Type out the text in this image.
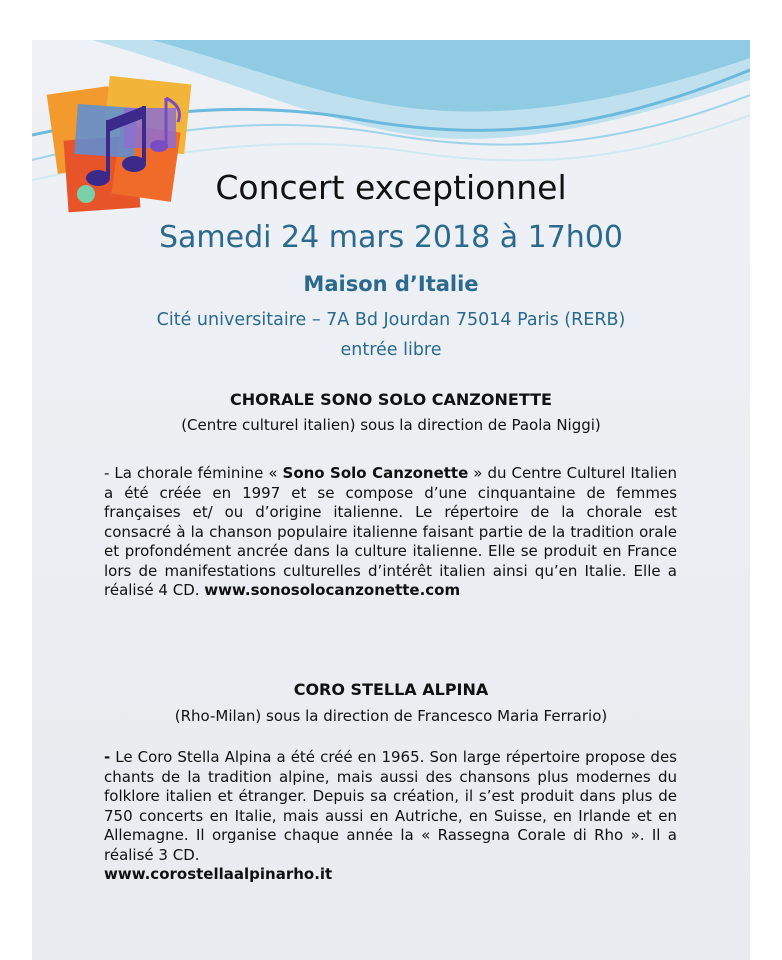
Concert exceptionnel
Samedi 24 mars 2018 à 17h00
Maison d’Italie
Cité universitaire – 7A Bd Jourdan 75014 Paris (RERB)
entrée libre
CHORALE SONO SOLO CANZONETTE
(Centre culturel italien) sous la direction de Paola Niggi)
- La chorale féminine « Sono Solo Canzonette » du Centre Culturel Italien a été créée en 1997 et se compose d’une cinquantaine de femmes françaises et/ ou d’origine italienne. Le répertoire de la chorale est consacré à la chanson populaire italienne faisant partie de la tradition orale et profondément ancrée dans la culture italienne. Elle se produit en France lors de manifestations culturelles d’intérêt italien ainsi qu’en Italie. Elle a réalisé 4 CD. www.sonosolocanzonette.com
CORO STELLA ALPINA
(Rho-Milan) sous la direction de Francesco Maria Ferrario)
- Le Coro Stella Alpina a été créé en 1965. Son large répertoire propose des chants de la tradition alpine, mais aussi des chansons plus modernes du folklore italien et étranger. Depuis sa création, il s’est produit dans plus de 750 concerts en Italie, mais aussi en Autriche, en Suisse, en Irlande et en Allemagne. Il organise chaque année la « Rassegna Corale di Rho ». Il a réalisé 3 CD.
www.corostellaalpinarho.it
